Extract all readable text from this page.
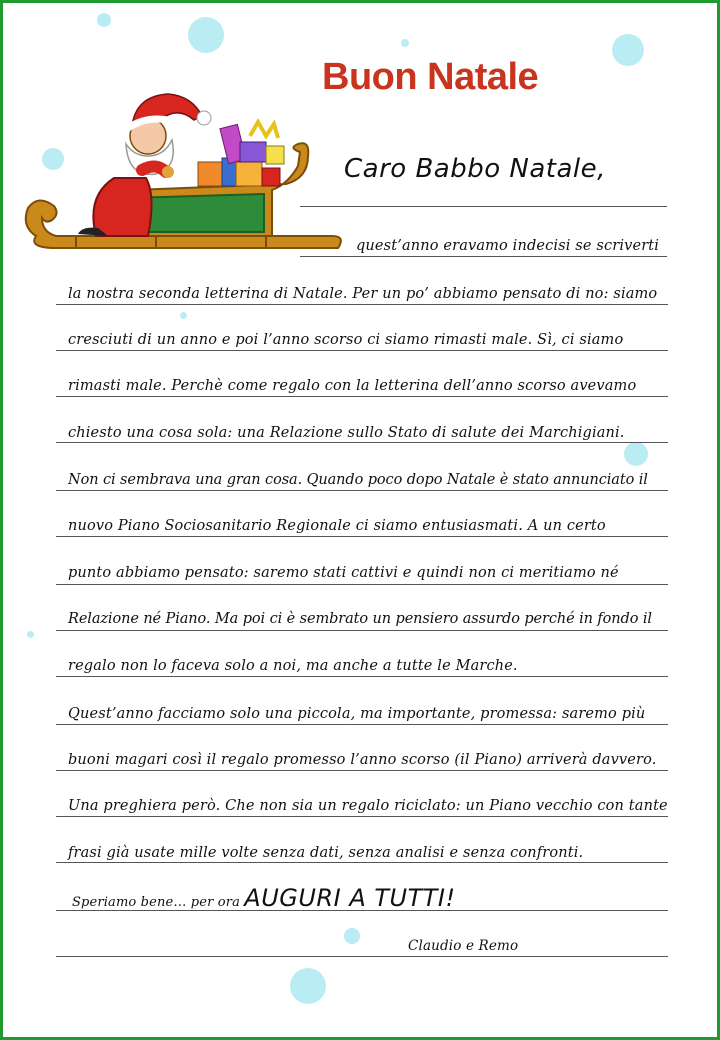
Buon Natale
Caro Babbo Natale,
quest’anno eravamo indecisi se scriverti
la nostra seconda letterina di Natale. Per un po’ abbiamo pensato di no: siamo
cresciuti di un anno e poi l’anno scorso ci siamo rimasti male. Sì, ci siamo
rimasti male. Perchè come regalo con la letterina dell’anno scorso avevamo
chiesto una cosa sola: una Relazione sullo Stato di salute dei Marchigiani.
Non ci sembrava una gran cosa. Quando poco dopo Natale è stato annunciato il
nuovo Piano Sociosanitario Regionale ci siamo entusiasmati. A un certo
punto abbiamo pensato: saremo stati cattivi e quindi non ci meritiamo né
Relazione né Piano. Ma poi ci è sembrato un pensiero assurdo perché in fondo il
regalo non lo faceva solo a noi, ma anche a tutte le Marche.
Quest’anno facciamo solo una piccola, ma importante, promessa: saremo più
buoni magari così il regalo promesso l’anno scorso (il Piano) arriverà davvero.
Una preghiera però. Che non sia un regalo riciclato: un Piano vecchio con tante
frasi già usate mille volte senza dati, senza analisi e senza confronti.
Speriamo bene… per ora AUGURI A TUTTI!
Claudio e Remo
